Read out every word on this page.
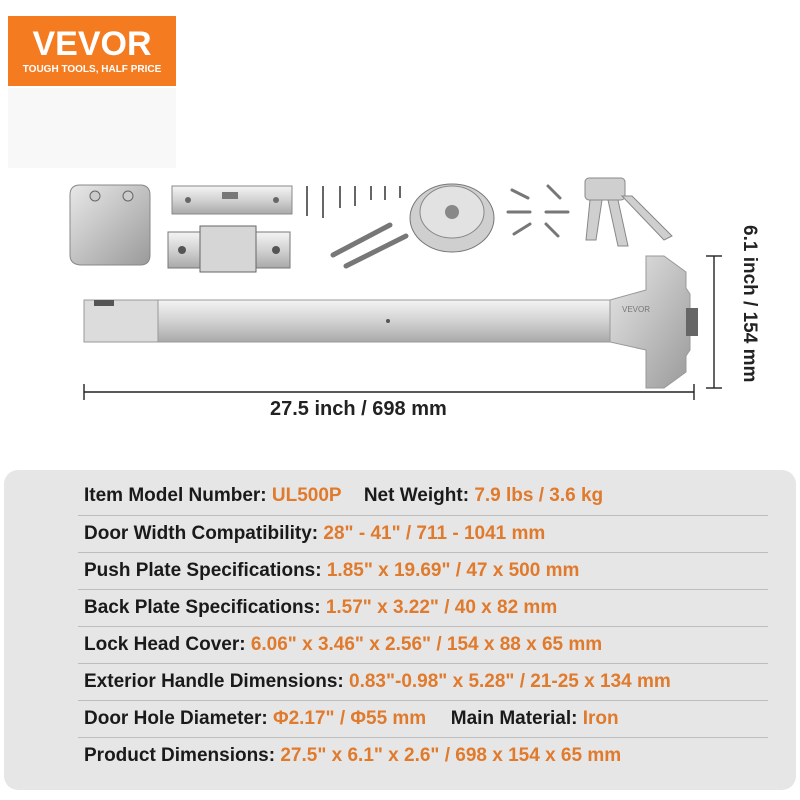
VEVOR
TOUGH TOOLS, HALF PRICE
VEVOR
27.5 inch / 698 mm
6.1 inch / 154 mm
Item Model Number: UL500P Net Weight: 7.9 lbs / 3.6 kg
Door Width Compatibility: 28" - 41" / 711 - 1041 mm
Push Plate Specifications: 1.85" x 19.69" / 47 x 500 mm
Back Plate Specifications: 1.57" x 3.22" / 40 x 82 mm
Lock Head Cover: 6.06" x 3.46" x 2.56" / 154 x 88 x 65 mm
Exterior Handle Dimensions: 0.83"-0.98" x 5.28" / 21-25 x 134 mm
Door Hole Diameter: Φ2.17" / Φ55 mm Main Material: Iron
Product Dimensions: 27.5" x 6.1" x 2.6" / 698 x 154 x 65 mm
